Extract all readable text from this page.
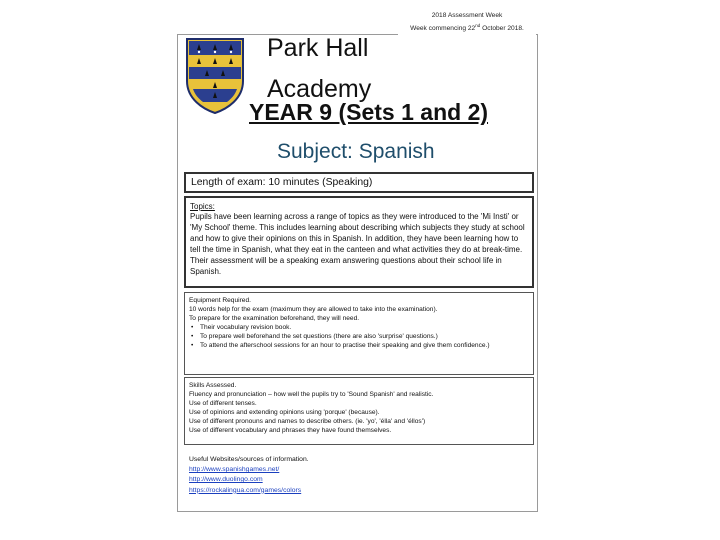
2018 Assessment Week
Week commencing 22nd October 2018.
Park Hall
Academy
YEAR 9 (Sets 1 and 2)
Subject: Spanish
Length of exam: 10 minutes (Speaking)
Topics:
Pupils have been learning across a range of topics as they were introduced to the 'Mi Insti' or 'My School' theme. This includes learning about describing which subjects they study at school and how to give their opinions on this in Spanish. In addition, they have been learning how to tell the time in Spanish, what they eat in the canteen and what activities they do at break-time. Their assessment will be a speaking exam answering questions about their school life in Spanish.
Equipment Required.
10 words help for the exam (maximum they are allowed to take into the examination).
To prepare for the examination beforehand, they will need.
• Their vocabulary revision book.
• To prepare well beforehand the set questions (there are also 'surprise' questions.)
• To attend the afterschool sessions for an hour to practise their speaking and give them confidence.)
Skills Assessed.
Fluency and pronunciation – how well the pupils try to 'Sound Spanish' and realistic.
Use of different tenses.
Use of opinions and extending opinions using 'porque' (because).
Use of different pronouns and names to describe others. (ie. 'yo', 'élla' and 'éllos')
Use of different vocabulary and phrases they have found themselves.
Useful Websites/sources of information.
http://www.spanishgames.net/
http://www.duolingo.com
https://rockalingua.com/games/colors
